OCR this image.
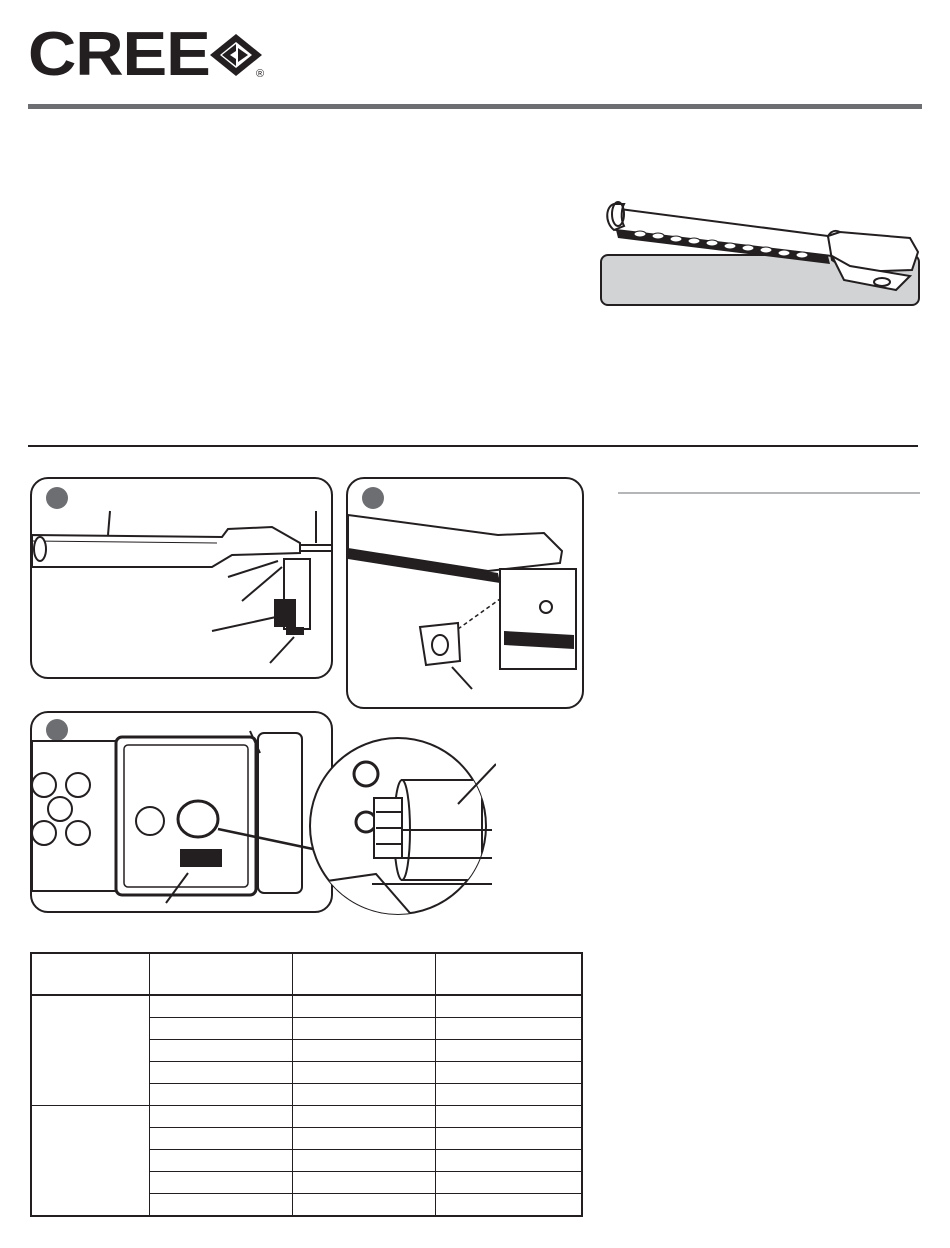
CREE	®
